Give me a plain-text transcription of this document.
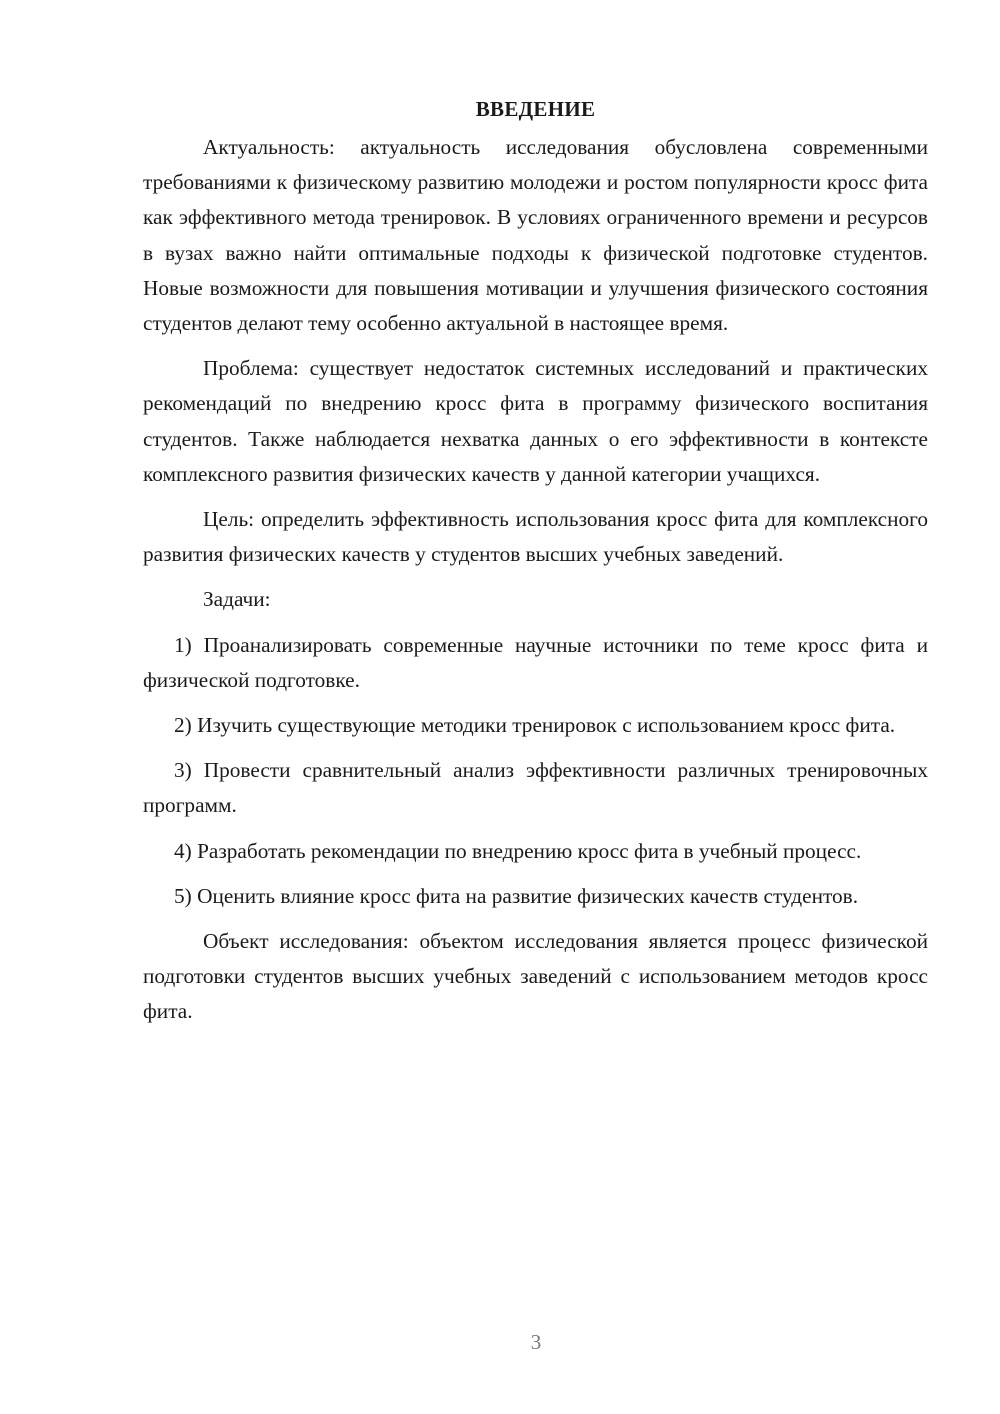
ВВЕДЕНИЕ

Актуальность: актуальность исследования обусловлена современными требованиями к физическому развитию молодежи и ростом популярности кросс фита как эффективного метода тренировок. В условиях ограниченного времени и ресурсов в вузах важно найти оптимальные подходы к физической подготовке студентов. Новые возможности для повышения мотивации и улучшения физического состояния студентов делают тему особенно актуальной в настоящее время.

Проблема: существует недостаток системных исследований и практических рекомендаций по внедрению кросс фита в программу физического воспитания студентов. Также наблюдается нехватка данных о его эффективности в контексте комплексного развития физических качеств у данной категории учащихся.

Цель: определить эффективность использования кросс фита для комплексного развития физических качеств у студентов высших учебных заведений.

Задачи:

1) Проанализировать современные научные источники по теме кросс фита и физической подготовке.

2) Изучить существующие методики тренировок с использованием кросс фита.

3) Провести сравнительный анализ эффективности различных тренировочных программ.

4) Разработать рекомендации по внедрению кросс фита в учебный процесс.

5) Оценить влияние кросс фита на развитие физических качеств студентов.

Объект исследования: объектом исследования является процесс физической подготовки студентов высших учебных заведений с использованием методов кросс фита.

3
